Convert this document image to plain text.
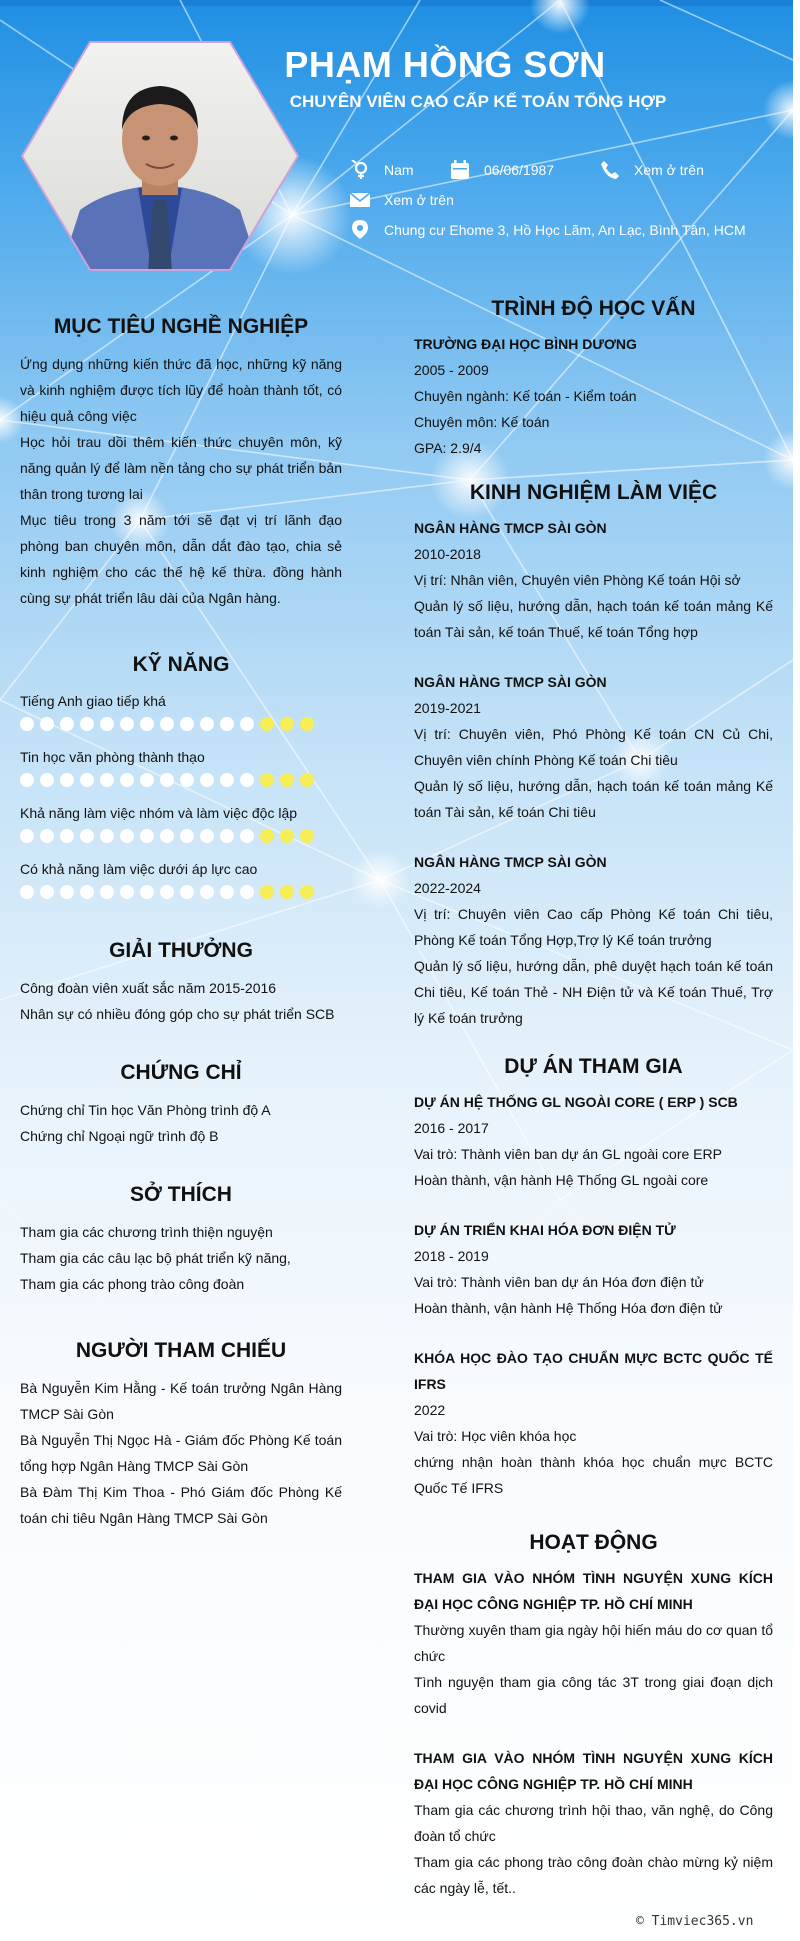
PHẠM HỒNG SƠN
CHUYÊN VIÊN CAO CẤP KẾ TOÁN TỔNG HỢP
Nam	06/06/1987	Xem ở trên
Xem ở trên
Chung cư Ehome 3, Hồ Học Lãm, An Lạc, Bình Tân, HCM
MỤC TIÊU NGHỀ NGHIỆP
Ứng dụng những kiến thức đã học, những kỹ năng và kinh nghiệm được tích lũy để hoàn thành tốt, có hiệu quả công việc
Học hỏi trau dồi thêm kiến thức chuyên môn, kỹ năng quản lý để làm nền tảng cho sự phát triển bản thân trong tương lai
Mục tiêu trong 3 năm tới sẽ đạt vị trí lãnh đạo phòng ban chuyên môn, dẫn dắt đào tạo, chia sẻ kinh nghiệm cho các thế hệ kế thừa. đồng hành cùng sự phát triển lâu dài của Ngân hàng.
KỸ NĂNG
Tiếng Anh giao tiếp khá
Tin học văn phòng thành thạo
Khả năng làm việc nhóm và làm việc độc lập
Có khả năng làm việc dưới áp lực cao
GIẢI THƯỞNG
Công đoàn viên xuất sắc năm 2015-2016
Nhân sự có nhiều đóng góp cho sự phát triển SCB
CHỨNG CHỈ
Chứng chỉ Tin học Văn Phòng trình độ A
Chứng chỉ Ngoại ngữ trình độ B
SỞ THÍCH
Tham gia các chương trình thiện nguyện
Tham gia các câu lạc bộ phát triển kỹ năng,
Tham gia các phong trào công đoàn
NGƯỜI THAM CHIẾU
Bà Nguyễn Kim Hằng - Kế toán trưởng Ngân Hàng TMCP Sài Gòn
Bà Nguyễn Thị Ngọc Hà - Giám đốc Phòng Kế toán tổng hợp Ngân Hàng TMCP Sài Gòn
Bà Đàm Thị Kim Thoa - Phó Giám đốc Phòng Kế toán chi tiêu Ngân Hàng TMCP Sài Gòn
TRÌNH ĐỘ HỌC VẤN
TRƯỜNG ĐẠI HỌC BÌNH DƯƠNG
2005 - 2009
Chuyên ngành: Kế toán - Kiểm toán
Chuyên môn: Kế toán
GPA: 2.9/4
KINH NGHIỆM LÀM VIỆC
NGÂN HÀNG TMCP SÀI GÒN
2010-2018
Vị trí: Nhân viên, Chuyên viên Phòng Kế toán Hội sở
Quản lý số liệu, hướng dẫn, hạch toán kế toán mảng Kế toán Tài sản, kế toán Thuế, kế toán Tổng hợp
NGÂN HÀNG TMCP SÀI GÒN
2019-2021
Vị trí: Chuyên viên, Phó Phòng Kế toán CN Củ Chi, Chuyên viên chính Phòng Kế toán Chi tiêu
Quản lý số liệu, hướng dẫn, hạch toán kế toán mảng Kế toán Tài sản, kế toán Chi tiêu
NGÂN HÀNG TMCP SÀI GÒN
2022-2024
Vị trí: Chuyên viên Cao cấp Phòng Kế toán Chi tiêu, Phòng Kế toán Tổng Hợp,Trợ lý Kế toán trưởng
Quản lý số liệu, hướng dẫn, phê duyệt hạch toán kế toán Chi tiêu, Kế toán Thẻ - NH Điện tử và Kế toán Thuế, Trợ lý Kế toán trưởng
DỰ ÁN THAM GIA
DỰ ÁN HỆ THỐNG GL NGOÀI CORE ( ERP ) SCB
2016 - 2017
Vai trò: Thành viên ban dự án GL ngoài core ERP
Hoàn thành, vận hành Hệ Thống GL ngoài core
DỰ ÁN TRIỂN KHAI HÓA ĐƠN ĐIỆN TỬ
2018 - 2019
Vai trò: Thành viên ban dự án Hóa đơn điện tử
Hoàn thành, vận hành Hệ Thống Hóa đơn điện tử
KHÓA HỌC ĐÀO TẠO CHUẨN MỰC BCTC QUỐC TẾ IFRS
2022
Vai trò: Học viên khóa học
chứng nhận hoàn thành khóa học chuẩn mực BCTC Quốc Tế IFRS
HOẠT ĐỘNG
THAM GIA VÀO NHÓM TÌNH NGUYỆN XUNG KÍCH ĐẠI HỌC CÔNG NGHIỆP TP. HỒ CHÍ MINH
Thường xuyên tham gia ngày hội hiến máu do cơ quan tổ chức
Tình nguyện tham gia công tác 3T trong giai đoạn dịch covid
THAM GIA VÀO NHÓM TÌNH NGUYỆN XUNG KÍCH ĐẠI HỌC CÔNG NGHIỆP TP. HỒ CHÍ MINH
Tham gia các chương trình hội thao, văn nghệ, do Công đoàn tổ chức
Tham gia các phong trào công đoàn chào mừng kỷ niệm các ngày lễ, tết..
© Timviec365.vn
